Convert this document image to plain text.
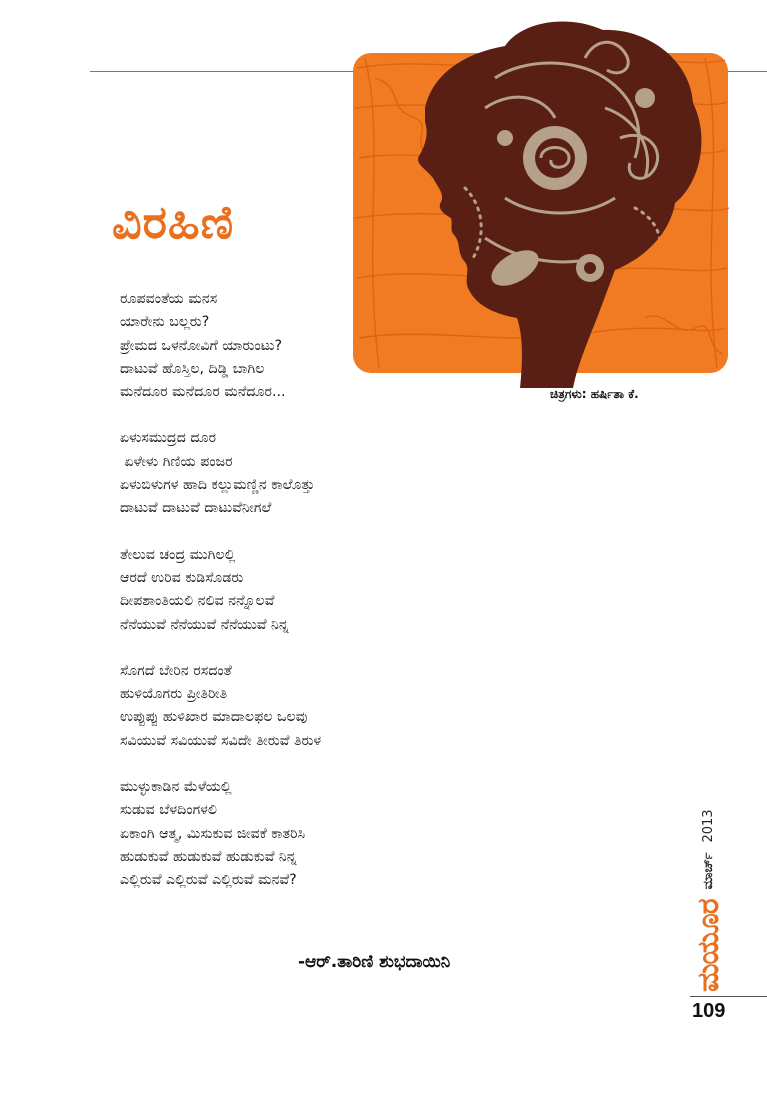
ವಿರಹಿಣಿ
ಚಿತ್ರಗಳು: ಹರ್ಷಿತಾ ಕೆ.
ರೂಪವಂತೆಯ ಮನಸ
ಯಾರೇನು ಬಲ್ಲರು?
ಪ್ರೇಮದ ಒಳನೋವಿಗೆ ಯಾರುಂಟು?
ದಾಟುವೆ ಹೊಸ್ತಿಲ, ದಿಡ್ಡಿ ಬಾಗಿಲ
ಮನೆದೂರ ಮನೆದೂರ ಮನೆದೂರ...
ಏಳುಸಮುದ್ರದ ದೂರ
ಏಳೇಳು ಗಿಣಿಯ ಪಂಜರ
ಏಳುಬಿಳುಗಳ ಹಾದಿ ಕಲ್ಲುಮಣ್ಣಿನ ಕಾಲೊತ್ತು
ದಾಟುವೆ ದಾಟುವೆ ದಾಟುವೆನೀಗಲೆ
ತೇಲುವ ಚಂದ್ರ ಮುಗಿಲಲ್ಲಿ
ಆರದೆ ಉರಿವ ಕುಡಿಸೊಡರು
ದೀಪಶಾಂತಿಯಲಿ ನಲಿವ ನನ್ನೊಲವೆ
ನೆನೆಯುವೆ ನೆನೆಯುವೆ ನೆನೆಯುವೆ ನಿನ್ನ
ಸೊಗದೆ ಬೇರಿನ ರಸದಂತೆ
ಹುಳಿಯೊಗರು ಪ್ರೀತಿರೀತಿ
ಉಪ್ಪುಪ್ಪು ಹುಳಿಖಾರ ಮಾದಾಲಫಲ ಒಲವು
ಸವಿಯುವೆ ಸವಿಯುವೆ ಸವಿದೇ ತೀರುವೆ ತಿರುಳ
ಮುಳ್ಳುಕಾಡಿನ ಮೆಳೆಯಲ್ಲಿ
ಸುಡುವ ಬೆಳದಿಂಗಳಲಿ
ಏಕಾಂಗಿ ಆತ್ಮ, ಮಿಸುಕುವ ಜೀವಕೆ ಕಾತರಿಸಿ
ಹುಡುಕುವೆ ಹುಡುಕುವೆ ಹುಡುಕುವೆ ನಿನ್ನ
ಎಲ್ಲಿರುವೆ ಎಲ್ಲಿರುವೆ ಎಲ್ಲಿರುವೆ ಮನವೆ?
-ಆರ್.ತಾರಿಣಿ ಶುಭದಾಯಿನಿ	ಮಯೂರ
ಮಾರ್ಚ್
2013
109
